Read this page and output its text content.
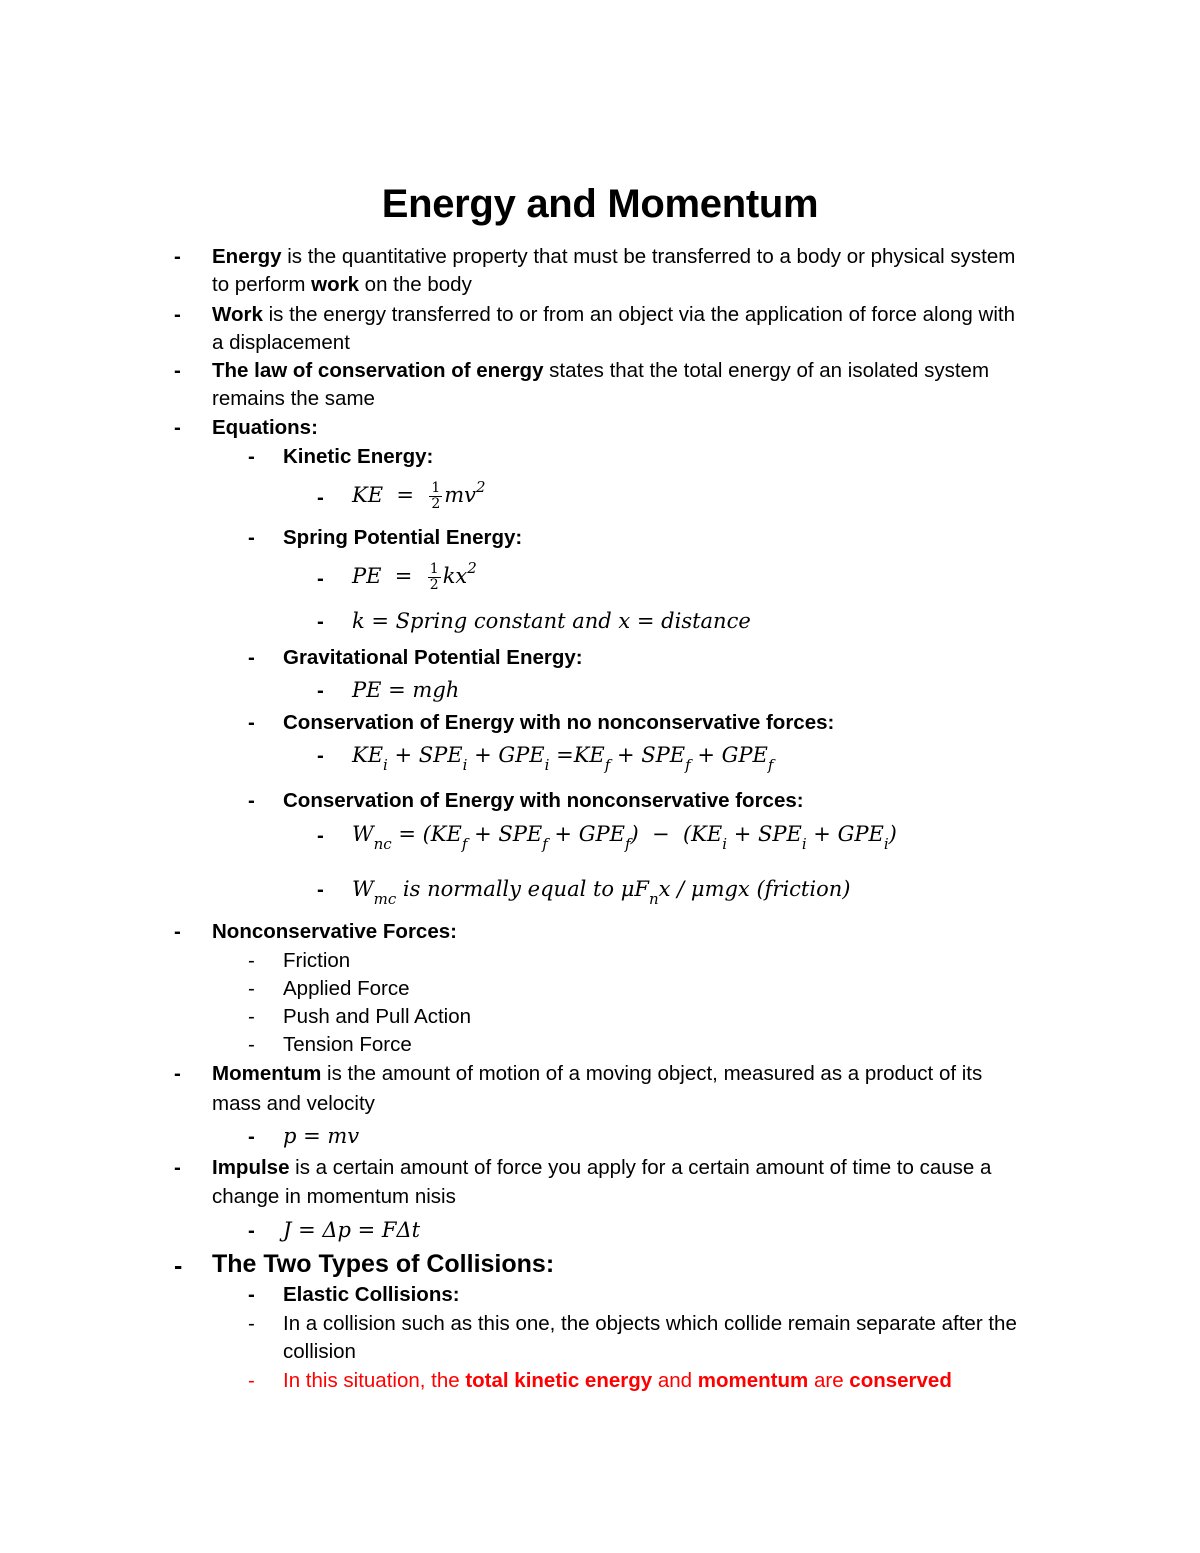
Energy and Momentum
- Energy is the quantitative property that must be transferred to a body or physical system
to perform work on the body
- Work is the energy transferred to or from an object via the application of force along with
a displacement
- The law of conservation of energy states that the total energy of an isolated system
remains the same
- Equations:
- Kinetic Energy:
- KE  = $\frac{1}{2} mv^2$
- Spring Potential Energy:
- PE  = $\frac{1}{2} kx^2$
- k = Spring constant and x = distance
- Gravitational Potential Energy:
- PE = mgh
- Conservation of Energy with no nonconservative forces:
- $KE_i + SPE_i + GPE_i =KE_f + SPE_f + GPE_f$
- Conservation of Energy with nonconservative forces:
- $W_{nc} = (KE_f + SPE_f + GPE_f) - (KE_i + SPE_i + GPE_i)$
- $W_{mc}$ is normally equal to $\mu F_nx$ / μmgx (friction)
- Nonconservative Forces:
- Friction
- Applied Force
- Push and Pull Action
- Tension Force
- Momentum is the amount of motion of a moving object, measured as a product of its
mass and velocity
- p = mv
- Impulse is a certain amount of force you apply for a certain amount of time to cause a
change in momentum nisis
- J = Δp = FΔt
- The Two Types of Collisions:
- Elastic Collisions:
- In a collision such as this one, the objects which collide remain separate after the
collision
- In this situation, the total kinetic energy and momentum are conserved
